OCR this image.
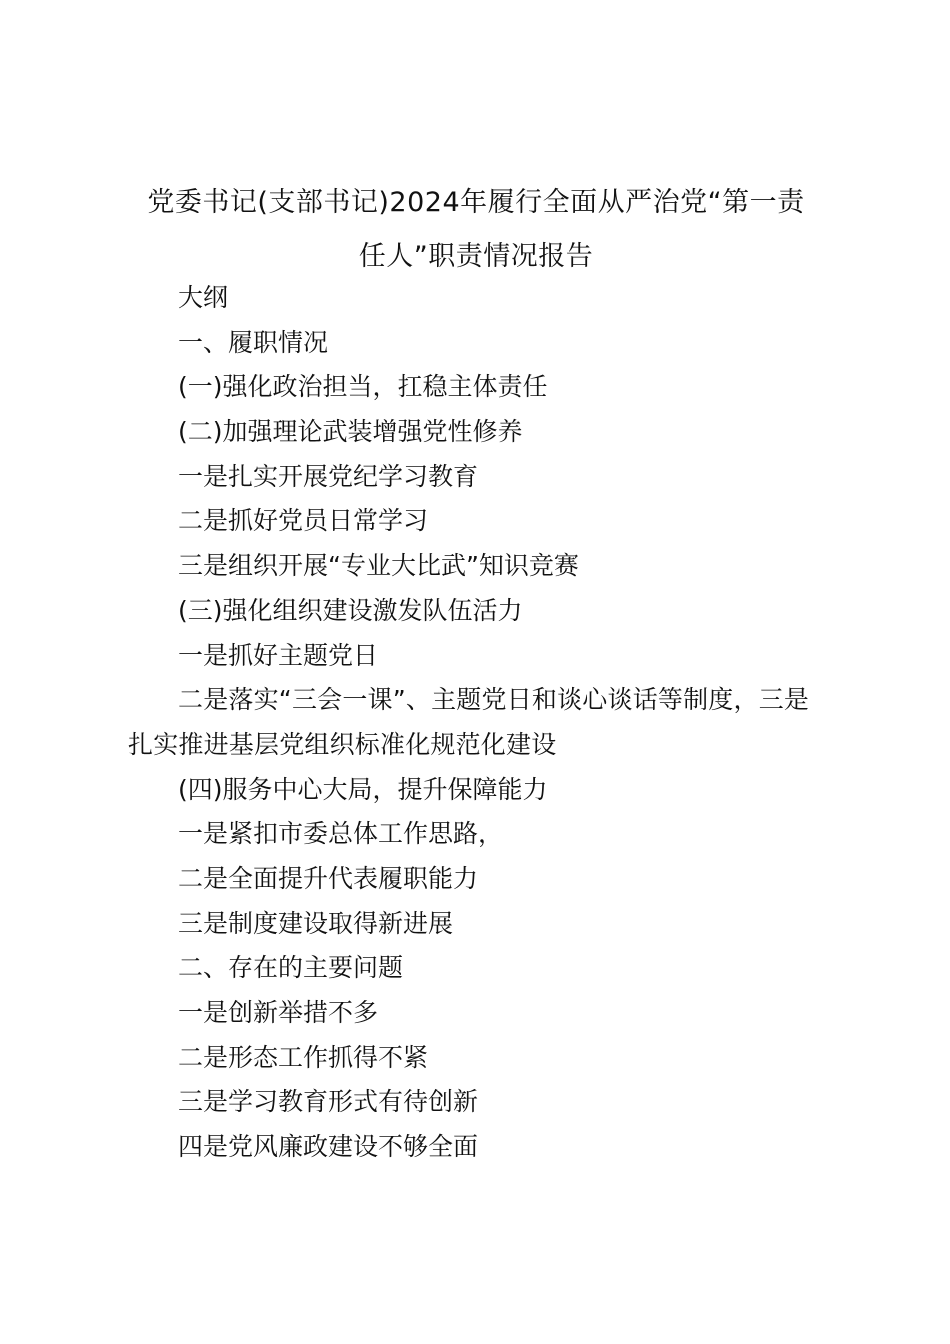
党委书记(支部书记)2024年履行全面从严治党“第一责
任人”职责情况报告
大纲
一、履职情况
(一)强化政治担当，扛稳主体责任
(二)加强理论武装增强党性修养
一是扎实开展党纪学习教育
二是抓好党员日常学习
三是组织开展“专业大比武”知识竞赛
(三)强化组织建设激发队伍活力
一是抓好主题党日
二是落实“三会一课”、主题党日和谈心谈话等制度，三是扎实推进基层党组织标准化规范化建设
(四)服务中心大局，提升保障能力
一是紧扣市委总体工作思路，
二是全面提升代表履职能力
三是制度建设取得新进展
二、存在的主要问题
一是创新举措不多
二是形态工作抓得不紧
三是学习教育形式有待创新
四是党风廉政建设不够全面
